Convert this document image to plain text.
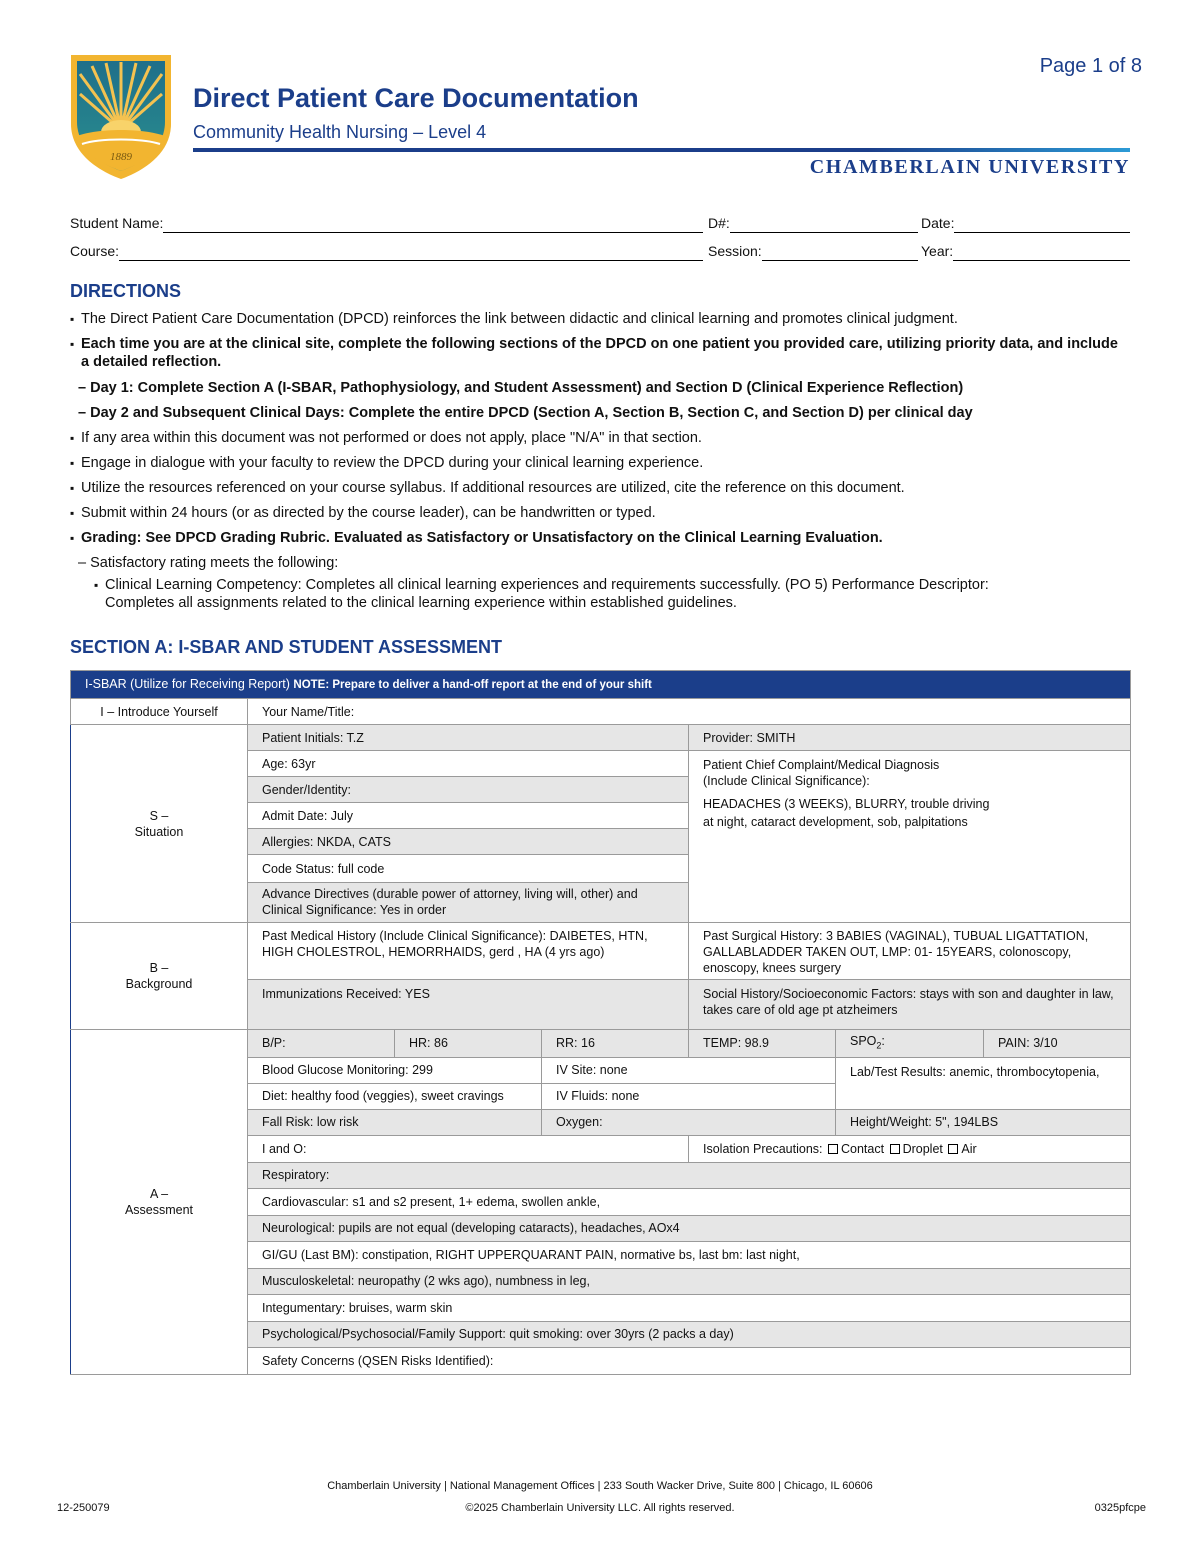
1889
Page 1 of 8
Direct Patient Care Documentation
Community Health Nursing – Level 4
CHAMBERLAIN UNIVERSITY
Student Name:	D#:	Date:
Course:	Session:	Year:
DIRECTIONS
▪ The Direct Patient Care Documentation (DPCD) reinforces the link between didactic and clinical learning and promotes clinical judgment.
▪ Each time you are at the clinical site, complete the following sections of the DPCD on one patient you provided care, utilizing priority data, and include a detailed reflection.
– Day 1: Complete Section A (I-SBAR, Pathophysiology, and Student Assessment) and Section D (Clinical Experience Reflection)
– Day 2 and Subsequent Clinical Days: Complete the entire DPCD (Section A, Section B, Section C, and Section D) per clinical day
▪ If any area within this document was not performed or does not apply, place "N/A" in that section.
▪ Engage in dialogue with your faculty to review the DPCD during your clinical learning experience.
▪ Utilize the resources referenced on your course syllabus. If additional resources are utilized, cite the reference on this document.
▪ Submit within 24 hours (or as directed by the course leader), can be handwritten or typed.
▪ Grading: See DPCD Grading Rubric. Evaluated as Satisfactory or Unsatisfactory on the Clinical Learning Evaluation.
– Satisfactory rating meets the following:
▪ Clinical Learning Competency: Completes all clinical learning experiences and requirements successfully. (PO 5) Performance Descriptor: Completes all assignments related to the clinical learning experience within established guidelines.
SECTION A: I-SBAR AND STUDENT ASSESSMENT
I-SBAR (Utilize for Receiving Report) NOTE: Prepare to deliver a hand-off report at the end of your shift						
I – Introduce Yourself	Your Name/Title:					

S –
Situation	Patient Initials: T.Z			Provider: SMITH		
	Age: 63yr			Patient Chief Complaint/Medical Diagnosis
(Include Clinical Significance):
HEADACHES (3 WEEKS), BLURRY, trouble driving at night, cataract development, sob, palpitations		

	Gender/Identity:					
	Admit Date: July					
	Allergies: NKDA, CATS					
	Code Status: full code					
	Advance Directives (durable power of attorney, living will, other) and Clinical Significance: Yes in order					

B –
Background	Past Medical History (Include Clinical Significance): DAIBETES, HTN, HIGH CHOLESTROL, HEMORRHAIDS, gerd , HA (4 yrs ago)			Past Surgical History: 3 BABIES (VAGINAL), TUBUAL LIGATTATION, GALLABLADDER TAKEN OUT, LMP: 01- 15YEARS, colonoscopy, enoscopy, knees surgery		
	Immunizations Received: YES			Social History/Socioeconomic Factors: stays with son and daughter in law, takes care of old age pt atzheimers		

A –
Assessment	B/P:	HR: 86	RR: 16	TEMP: 98.9	$SPO_2$:	PAIN: 3/10
	Blood Glucose Monitoring: 299		IV Site: none		Lab/Test Results: anemic, thrombocytopenia,	
	Diet: healthy food (veggies), sweet cravings		IV Fluids: none			
	Fall Risk: low risk		Oxygen:		Height/Weight: 5", 194LBS	
	I and O:			Isolation Precautions: Contact Droplet Air		
	Respiratory:					
	Cardiovascular: s1 and s2 present, 1+ edema, swollen ankle,					
	Neurological: pupils are not equal (developing cataracts), headaches, AOx4					
	GI/GU (Last BM): constipation, RIGHT UPPERQUARANT PAIN, normative bs, last bm: last night,					
	Musculoskeletal: neuropathy (2 wks ago), numbness in leg,					
	Integumentary: bruises, warm skin					
	Psychological/Psychosocial/Family Support: quit smoking: over 30yrs (2 packs a day)					
	Safety Concerns (QSEN Risks Identified):					
Chamberlain University | National Management Offices | 233 South Wacker Drive, Suite 800 | Chicago, IL 60606
12-250079	©2025 Chamberlain University LLC. All rights reserved.	0325pfcpe
